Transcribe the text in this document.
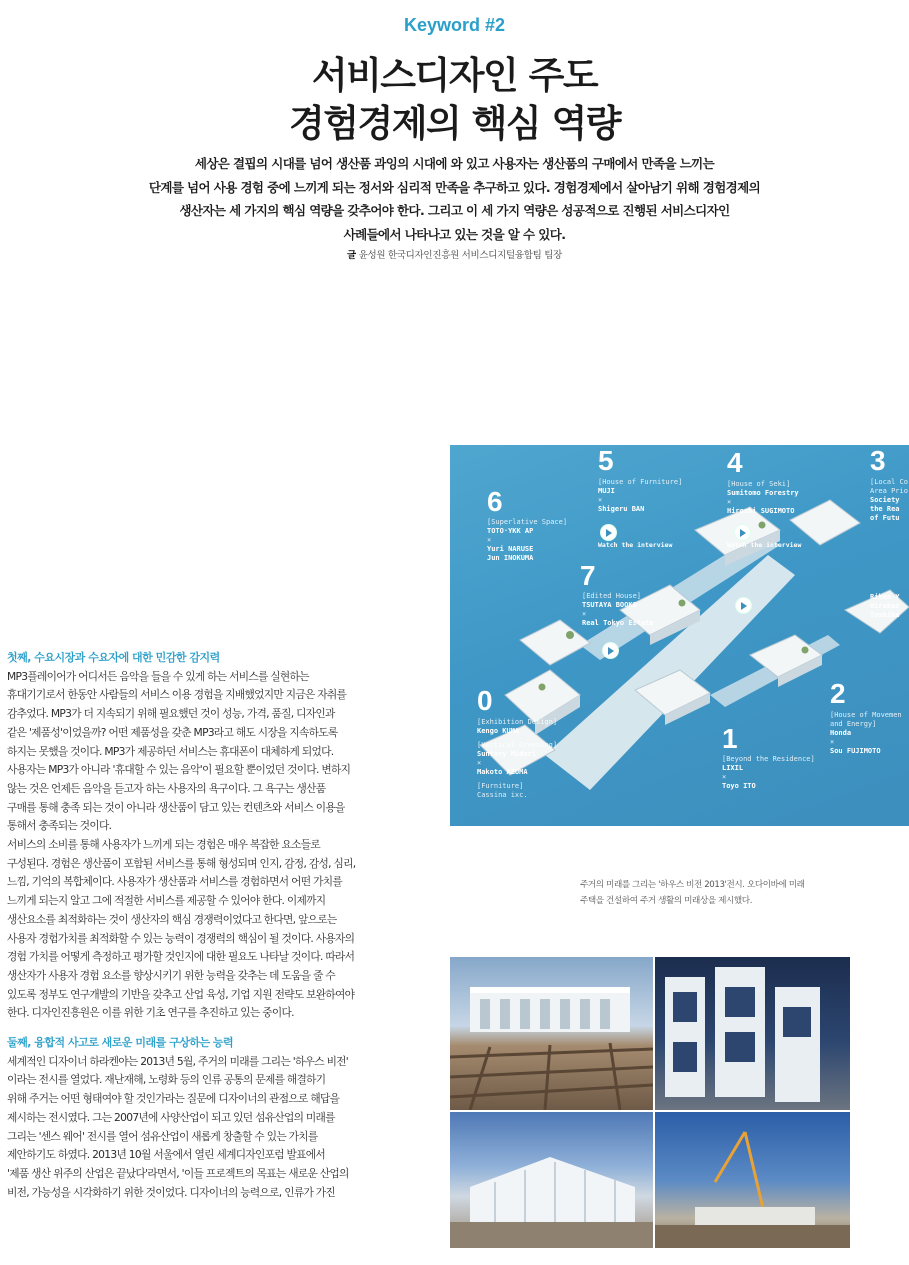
Keyword #2
서비스디자인 주도
경험경제의 핵심 역량
세상은 결핍의 시대를 넘어 생산품 과잉의 시대에 와 있고 사용자는 생산품의 구매에서 만족을 느끼는
단계를 넘어 사용 경험 중에 느끼게 되는 정서와 심리적 만족을 추구하고 있다. 경험경제에서 살아남기 위해 경험경제의
생산자는 세 가지의 핵심 역량을 갖추어야 한다. 그리고 이 세 가지 역량은 성공적으로 진행된 서비스디자인
사례들에서 나타나고 있는 것을 알 수 있다.
글 윤성원 한국디자인진흥원 서비스디지털융합팀 팀장
첫째, 수요시장과 수요자에 대한 민감한 감지력

MP3플레이어가 어디서든 음악을 들을 수 있게 하는 서비스를 실현하는

휴대기기로서 한동안 사람들의 서비스 이용 경험을 지배했었지만 지금은 자취를

감추었다. MP3가 더 지속되기 위해 필요했던 것이 성능, 가격, 품질, 디자인과

같은 '제품성'이었을까? 어떤 제품성을 갖춘 MP3라고 해도 시장을 지속하도록

하지는 못했을 것이다. MP3가 제공하던 서비스는 휴대폰이 대체하게 되었다.

사용자는 MP3가 아니라 '휴대할 수 있는 음악'이 필요할 뿐이었던 것이다. 변하지

않는 것은 언제든 음악을 듣고자 하는 사용자의 욕구이다. 그 욕구는 생산품

구매를 통해 충족 되는 것이 아니라 생산품이 담고 있는 컨텐츠와 서비스 이용을

통해서 충족되는 것이다.

서비스의 소비를 통해 사용자가 느끼게 되는 경험은 매우 복잡한 요소들로

구성된다. 경험은 생산품이 포함된 서비스를 통해 형성되며 인지, 감정, 감성, 심리,

느낌, 기억의 복합체이다. 사용자가 생산품과 서비스를 경험하면서 어떤 가치를

느끼게 되는지 알고 그에 적절한 서비스를 제공할 수 있어야 한다. 이제까지

생산요소를 최적화하는 것이 생산자의 핵심 경쟁력이었다고 한다면, 앞으로는

사용자 경험가치를 최적화할 수 있는 능력이 경쟁력의 핵심이 될 것이다. 사용자의

경험 가치를 어떻게 측정하고 평가할 것인지에 대한 필요도 나타날 것이다. 따라서

생산자가 사용자 경험 요소를 향상시키기 위한 능력을 갖추는 데 도움을 줄 수

있도록 정부도 연구개발의 기반을 갖추고 산업 육성, 기업 지원 전략도 보완하여야

한다. 디자인진흥원은 이를 위한 기초 연구를 추진하고 있는 중이다.

둘째, 융합적 사고로 새로운 미래를 구상하는 능력

세계적인 디자이너 하라켄야는 2013년 5월, 주거의 미래를 그리는 '하우스 비전'

이라는 전시를 열었다. 재난재해, 노령화 등의 인류 공통의 문제를 해결하기

위해 주거는 어떤 형태여야 할 것인가라는 질문에 디자이너의 관점으로 해답을

제시하는 전시였다. 그는 2007년에 사양산업이 되고 있던 섬유산업의 미래를

그리는 '센스 웨어' 전시를 열어 섬유산업이 새롭게 창출할 수 있는 가치를

제안하기도 하였다. 2013년 10월 서울에서 열린 세계디자인포럼 발표에서

'제품 생산 위주의 산업은 끝났다'라면서, '이들 프로젝트의 목표는 새로운 산업의

비전, 가능성을 시각화하기 위한 것이었다. 디자이너의 능력으로, 인류가 가진

6
[Superlative Space]
TOTO·YKK AP
×
Yuri NARUSE
Jun INOKUMA
5
[House of Furniture]
MUJI
×
Shigeru BAN
Watch the interview
4
[House of Seki]
Sumitomo Forestry
×
Hiroshi SUGIMOTO
Watch the interview
3
[Local Co
Area Prio
Society
the Rea
of Futu
Riken Y
Hirokaz
Toshiha
7
[Edited House]
TSUTAYA BOOKS
×
Real Tokyo Estate
0
[Exhibition Design]
Kengo KUMA
[Vertical Greening]
Suntory Midori
×
Makoto AZUMA
[Furniture]
Cassina ixc.
1
[Beyond the Residence]
LIXIL
×
Toyo ITO
2
[House of Movemen
and Energy]
Honda
×
Sou FUJIMOTO
주거의 미래를 그리는 '하우스 비전 2013'전시. 오다이바에 미래
주택을 건설하여 주거 생활의 미래상을 제시했다.
